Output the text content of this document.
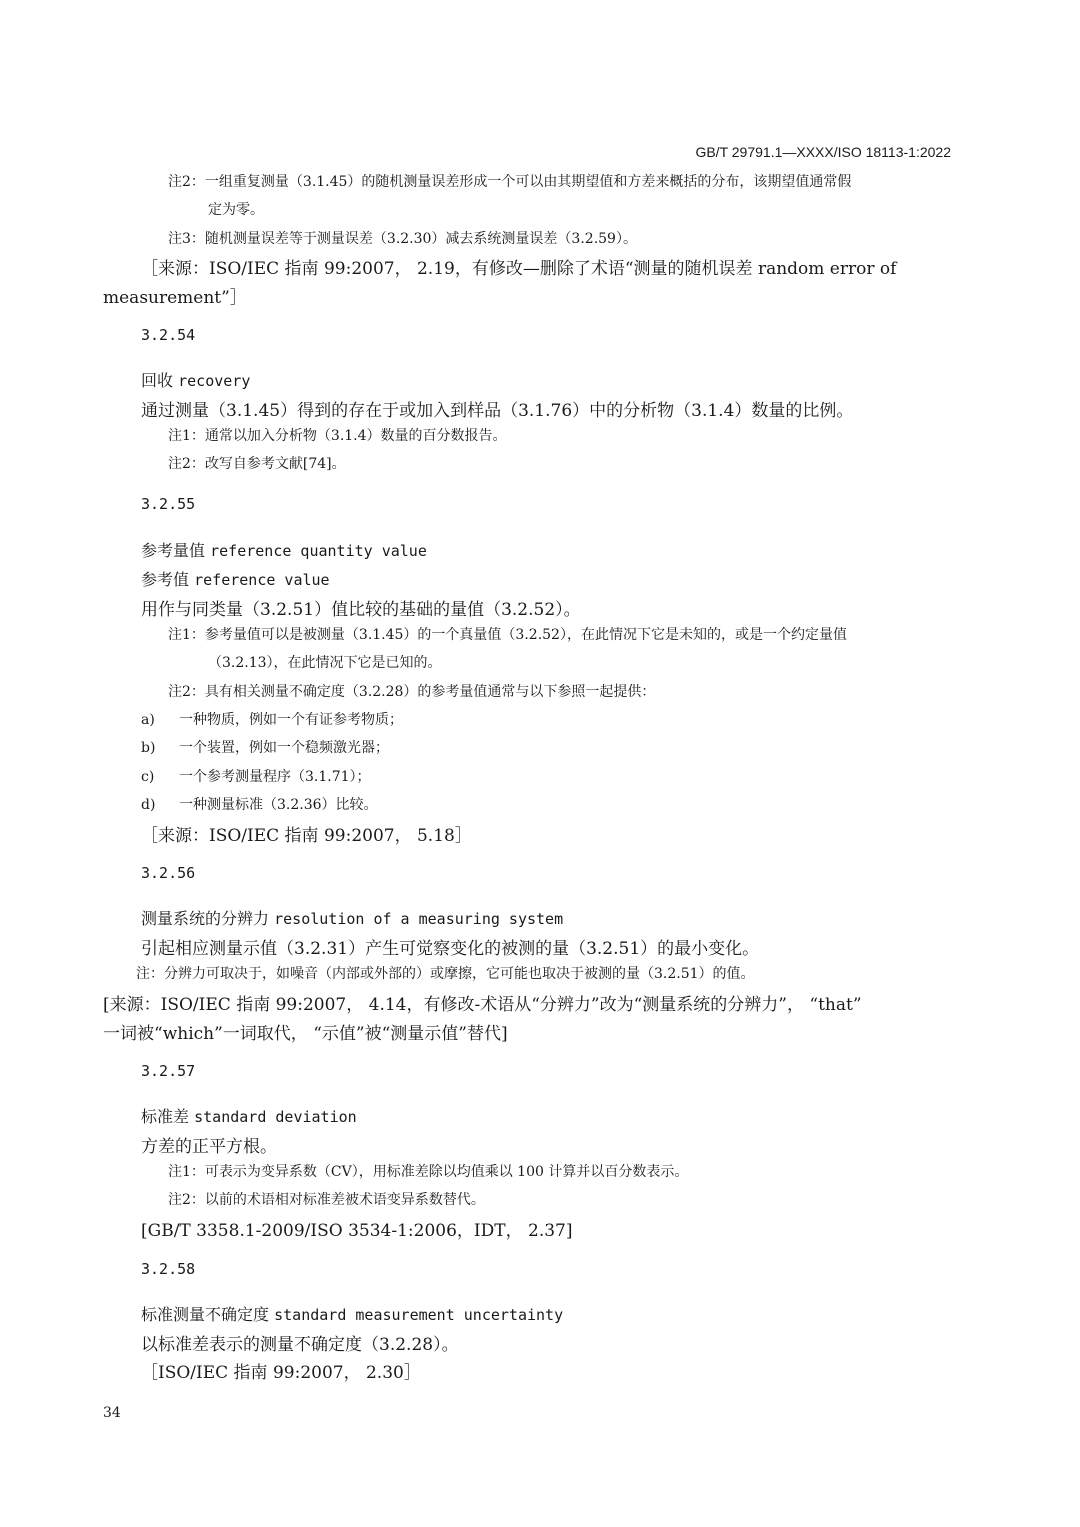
GB/T 29791.1—XXXX/ISO 18113-1:2022
注2：一组重复测量（3.1.45）的随机测量误差形成一个可以由其期望值和方差来概括的分布，该期望值通常假
定为零。
注3：随机测量误差等于测量误差（3.2.30）减去系统测量误差（3.2.59）。
［来源：ISO/IEC 指南 99:2007， 2.19，有修改—删除了术语“测量的随机误差 random error of
measurement”］
3.2.54
回收 recovery
通过测量（3.1.45）得到的存在于或加入到样品（3.1.76）中的分析物（3.1.4）数量的比例。
注1：通常以加入分析物（3.1.4）数量的百分数报告。
注2：改写自参考文献[74]。
3.2.55
参考量值 reference quantity value
参考值 reference value
用作与同类量（3.2.51）值比较的基础的量值（3.2.52）。
注1：参考量值可以是被测量（3.1.45）的一个真量值（3.2.52），在此情况下它是未知的，或是一个约定量值
（3.2.13），在此情况下它是已知的。
注2：具有相关测量不确定度（3.2.28）的参考量值通常与以下参照一起提供：
a) 一种物质，例如一个有证参考物质；
b) 一个装置，例如一个稳频激光器；
c) 一个参考测量程序（3.1.71）；
d) 一种测量标准（3.2.36）比较。
［来源：ISO/IEC 指南 99:2007， 5.18］
3.2.56
测量系统的分辨力 resolution of a measuring system
引起相应测量示值（3.2.31）产生可觉察变化的被测的量（3.2.51）的最小变化。
注：分辨力可取决于，如噪音（内部或外部的）或摩擦，它可能也取决于被测的量（3.2.51）的值。
[来源：ISO/IEC 指南 99:2007， 4.14，有修改-术语从“分辨力”改为“测量系统的分辨力”， “that”
一词被“which”一词取代， “示值”被“测量示值”替代]
3.2.57
标准差 standard deviation
方差的正平方根。
注1：可表示为变异系数（CV），用标准差除以均值乘以 100 计算并以百分数表示。
注2：以前的术语相对标准差被术语变异系数替代。
[GB/T 3358.1-2009/ISO 3534-1:2006，IDT， 2.37]
3.2.58
标准测量不确定度 standard measurement uncertainty
以标准差表示的测量不确定度（3.2.28）。
［ISO/IEC 指南 99:2007， 2.30］
34
